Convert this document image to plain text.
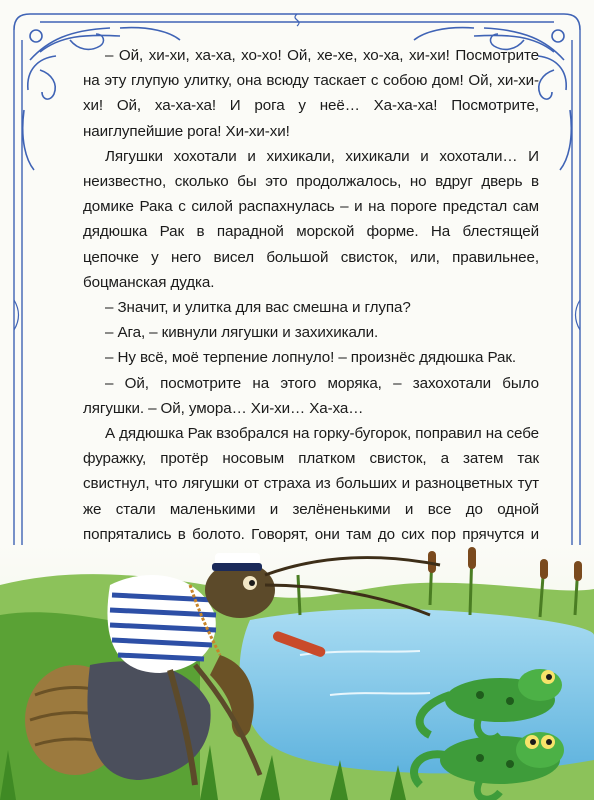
– Ой, хи-хи, ха-ха, хо-хо! Ой, хе-хе, хо-ха, хи-хи! Посмотрите на эту глупую улитку, она всюду таскает с собою дом! Ой, хи-хи-хи! Ой, ха-ха-ха! И рога у неё… Ха-ха-ха! Посмотрите, наиглупейшие рога! Хи-хи-хи!

Лягушки хохотали и хихикали, хихикали и хохотали… И неизвестно, сколько бы это продолжалось, но вдруг дверь в домике Рака с силой распахнулась – и на пороге предстал сам дядюшка Рак в парадной морской форме. На блестящей цепочке у него висел большой свисток, или, правильнее, боцманская дудка.

– Значит, и улитка для вас смешна и глупа?

– Ага, – кивнули лягушки и захихикали.

– Ну всё, моё терпение лопнуло! – произнёс дядюшка Рак.

– Ой, посмотрите на этого моряка, – захохотали было лягушки. – Ой, умора… Хи-хи… Ха-ха…

А дядюшка Рак взобрался на горку-бугорок, поправил на себе фуражку, протёр носовым платком свисток, а затем так свистнул, что лягушки от страха из больших и разноцветных тут же стали маленькими и зелёненькими и все до одной попрятались в болото. Говорят, они там до сих пор прячутся и
